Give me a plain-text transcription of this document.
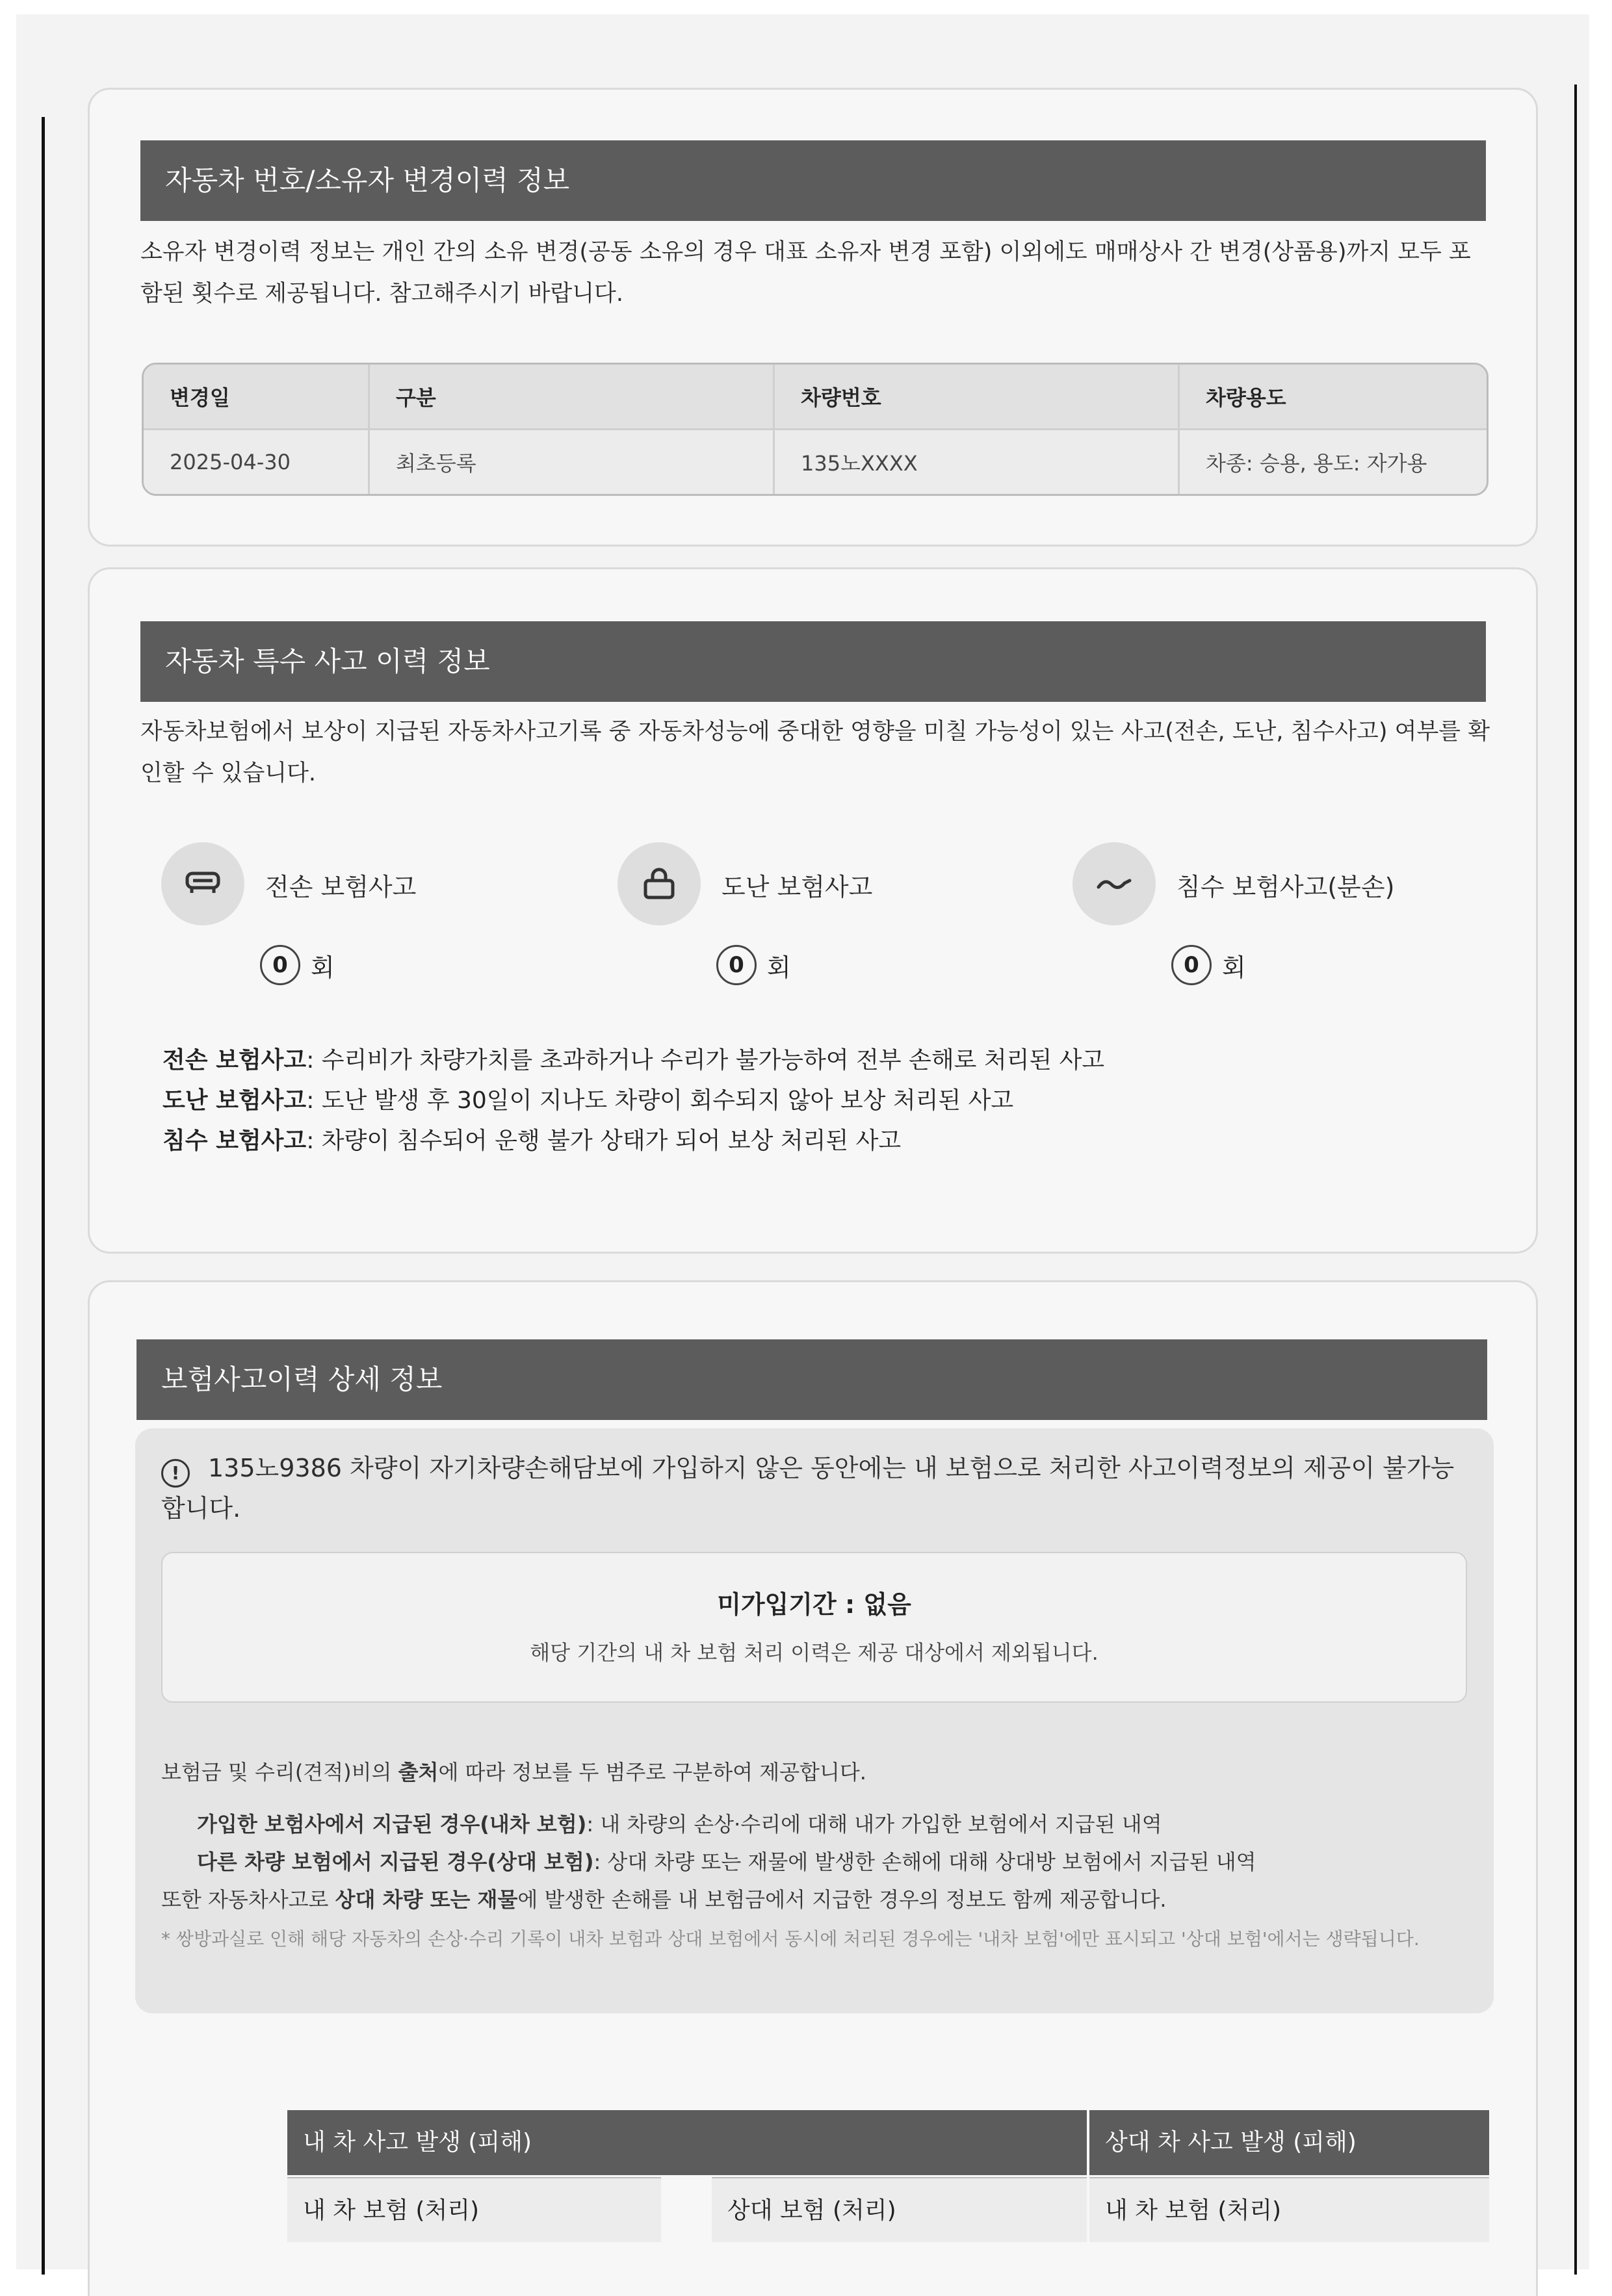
자동차 번호/소유자 변경이력 정보
소유자 변경이력 정보는 개인 간의 소유 변경(공동 소유의 경우 대표 소유자 변경 포함) 이외에도 매매상사 간 변경(상품용)까지 모두 포함된 횟수로 제공됩니다. 참고해주시기 바랍니다.
변경일	구분	차량번호	차량용도
2025-04-30	최초등록	135노XXXX	차종: 승용, 용도: 자가용
자동차 특수 사고 이력 정보
자동차보험에서 보상이 지급된 자동차사고기록 중 자동차성능에 중대한 영향을 미칠 가능성이 있는 사고(전손, 도난, 침수사고) 여부를 확인할 수 있습니다.
전손 보험사고
0 회
도난 보험사고
0 회
침수 보험사고(분손)
0 회
전손 보험사고: 수리비가 차량가치를 초과하거나 수리가 불가능하여 전부 손해로 처리된 사고
도난 보험사고: 도난 발생 후 30일이 지나도 차량이 회수되지 않아 보상 처리된 사고
침수 보험사고: 차량이 침수되어 운행 불가 상태가 되어 보상 처리된 사고
보험사고이력 상세 정보
! 135노9386 차량이 자기차량손해담보에 가입하지 않은 동안에는 내 보험으로 처리한 사고이력정보의 제공이 불가능합니다.
미가입기간 : 없음
해당 기간의 내 차 보험 처리 이력은 제공 대상에서 제외됩니다.
보험금 및 수리(견적)비의 출처에 따라 정보를 두 범주로 구분하여 제공합니다.
가입한 보험사에서 지급된 경우(내차 보험): 내 차량의 손상·수리에 대해 내가 가입한 보험에서 지급된 내역
다른 차량 보험에서 지급된 경우(상대 보험): 상대 차량 또는 재물에 발생한 손해에 대해 상대방 보험에서 지급된 내역
또한 자동차사고로 상대 차량 또는 재물에 발생한 손해를 내 보험금에서 지급한 경우의 정보도 함께 제공합니다.
* 쌍방과실로 인해 해당 자동차의 손상·수리 기록이 내차 보험과 상대 보험에서 동시에 처리된 경우에는 '내차 보험'에만 표시되고 '상대 보험'에서는 생략됩니다.
내 차 사고 발생 (피해)	상대 차 사고 발생 (피해)
내 차 보험 (처리)	상대 보험 (처리)	내 차 보험 (처리)
